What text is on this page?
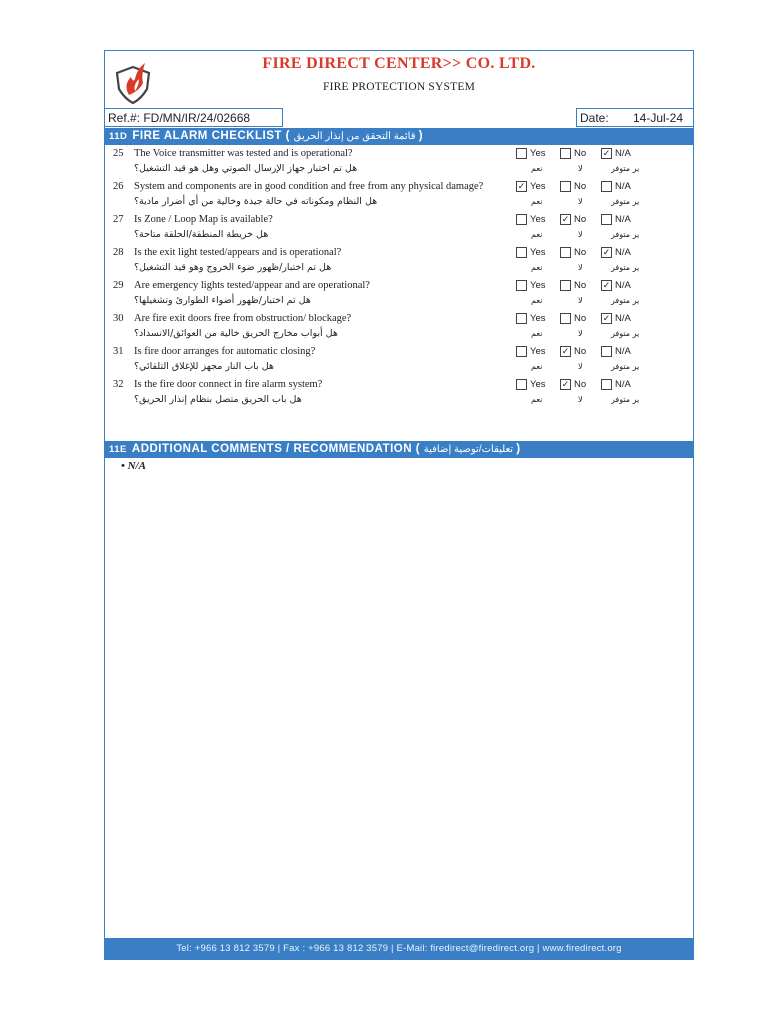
FIRE DIRECT CENTER>> CO. LTD.
FIRE PROTECTION SYSTEM
Ref.#: FD/MN/IR/24/02668	Date: 14-Jul-24
11D FIRE ALARM CHECKLIST ( قائمة التحقق من إنذار الحريق )
25 The Voice transmitter was tested and is operational?
هل تم اختبار جهاز الإرسال الصوتي وهل هو قيد التشغيل؟
Yes	No ✓ N/A
نعم	لا	ير متوفر
26 System and components are in good condition and free from any physical damage?
هل النظام ومكوناته في حالة جيدة وخالية من أي أضرار مادية؟
✓ Yes	No	N/A
نعم	لا	ير متوفر
27 Is Zone / Loop Map is available?
هل خريطة المنطقة/الحلقة متاحة؟
Yes ✓ No	N/A
نعم	لا	ير متوفر
28 Is the exit light tested/appears and is operational?
هل تم اختبار/ظهور ضوء الخروج وهو قيد التشغيل؟
Yes	No ✓ N/A
نعم	لا	ير متوفر
29 Are emergency lights tested/appear and are operational?
هل تم اختبار/ظهور أضواء الطوارئ وتشغيلها؟
Yes	No ✓ N/A
نعم	لا	ير متوفر
30 Are fire exit doors free from obstruction/ blockage?
هل أبواب مخارج الحريق خالية من العوائق/الانسداد؟
Yes	No ✓ N/A
نعم	لا	ير متوفر
31 Is fire door arranges for automatic closing?
هل باب النار مجهز للإغلاق التلقائي؟
Yes ✓ No	N/A
نعم	لا	ير متوفر
32 Is the fire door connect in fire alarm system?
هل باب الحريق متصل بنظام إنذار الحريق؟
Yes ✓ No	N/A
نعم	لا	ير متوفر
11E ADDITIONAL COMMENTS / RECOMMENDATION ( تعليقات/توصية إضافية )
• N/A
Tel: +966 13 812 3579 | Fax : +966 13 812 3579 | E-Mail: firedirect@firedirect.org | www.firedirect.org
